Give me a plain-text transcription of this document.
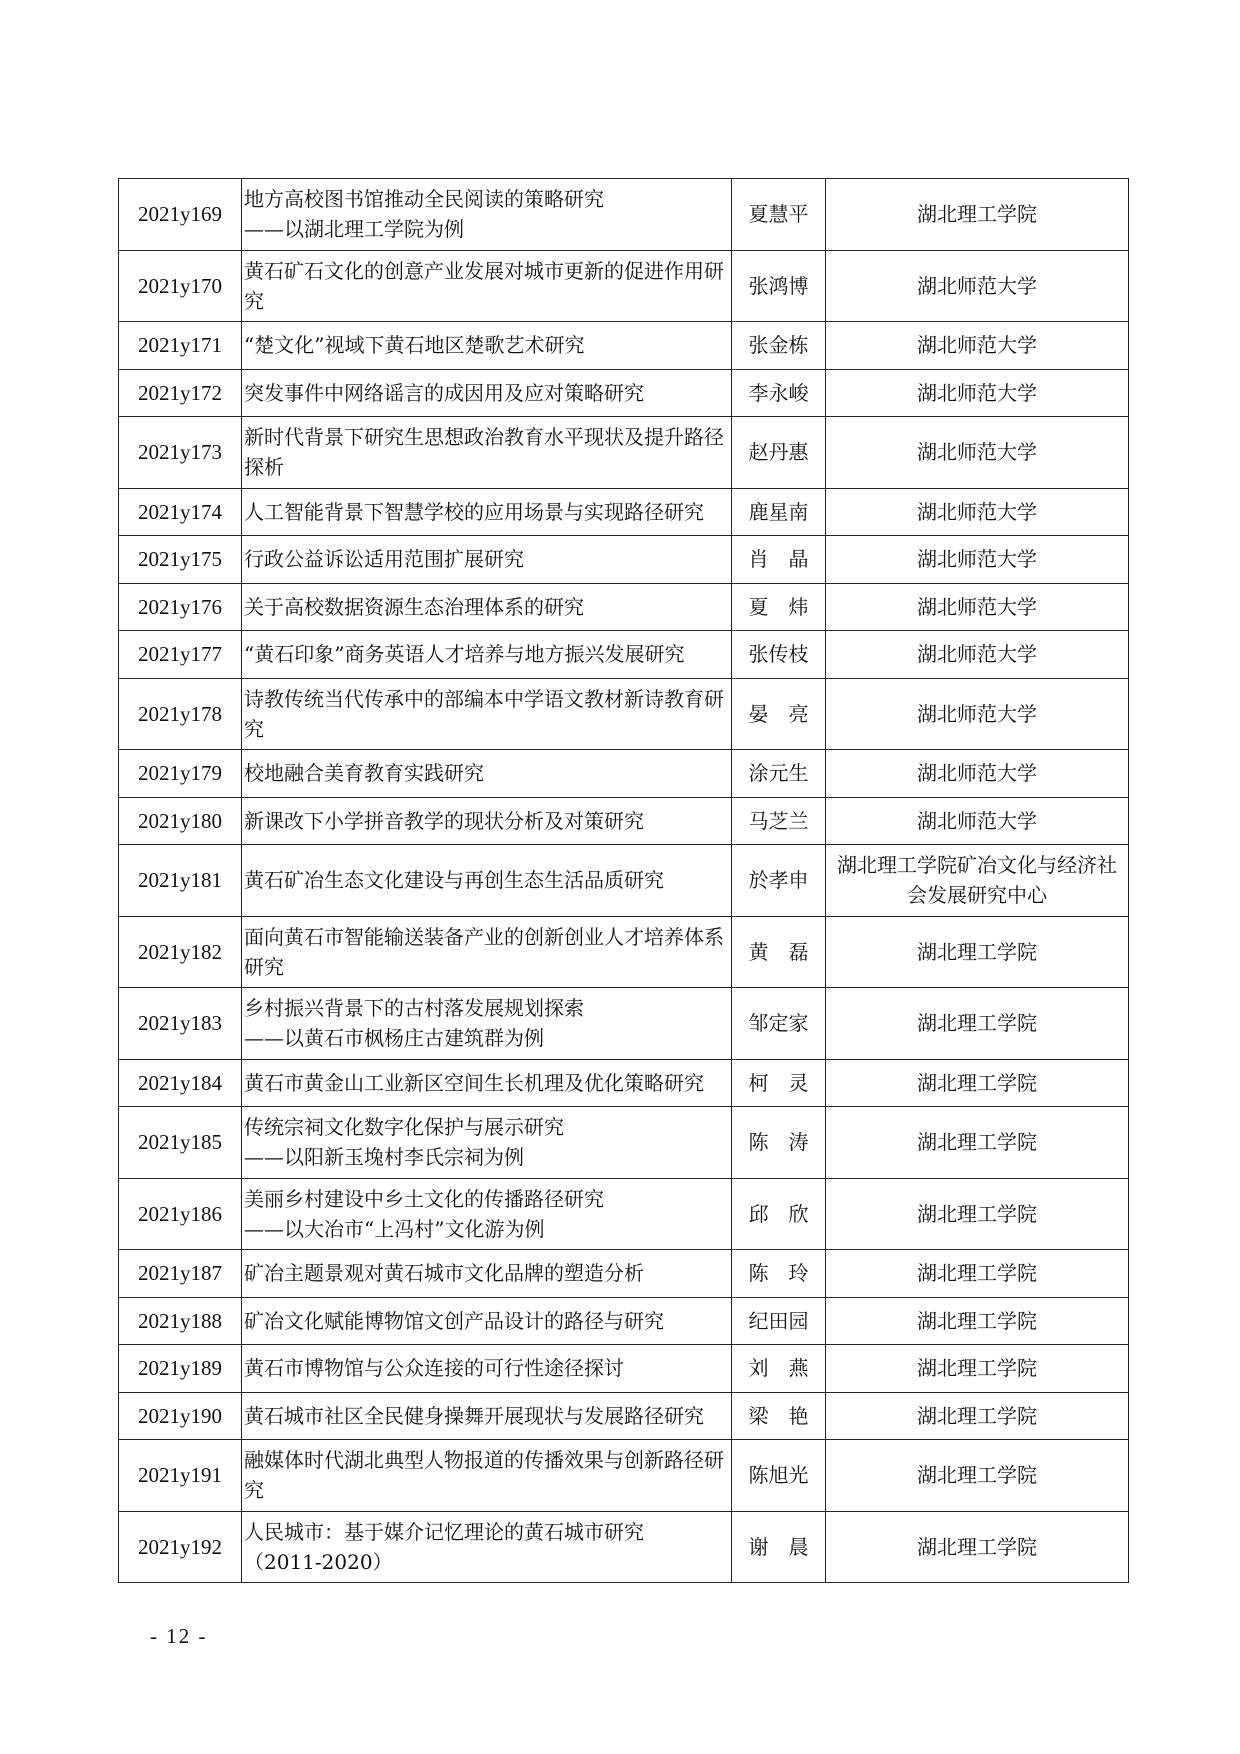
2021y169	地方高校图书馆推动全民阅读的策略研究
——以湖北理工学院为例	夏慧平	湖北理工学院
2021y170	黄石矿石文化的创意产业发展对城市更新的促进作用研究	张鸿博	湖北师范大学
2021y171	“楚文化”视域下黄石地区楚歌艺术研究	张金栋	湖北师范大学
2021y172	突发事件中网络谣言的成因用及应对策略研究	李永峻	湖北师范大学
2021y173	新时代背景下研究生思想政治教育水平现状及提升路径探析	赵丹惠	湖北师范大学
2021y174	人工智能背景下智慧学校的应用场景与实现路径研究	鹿星南	湖北师范大学
2021y175	行政公益诉讼适用范围扩展研究	肖　晶	湖北师范大学
2021y176	关于高校数据资源生态治理体系的研究	夏　炜	湖北师范大学
2021y177	“黄石印象”商务英语人才培养与地方振兴发展研究	张传枝	湖北师范大学
2021y178	诗教传统当代传承中的部编本中学语文教材新诗教育研究	晏　亮	湖北师范大学
2021y179	校地融合美育教育实践研究	涂元生	湖北师范大学
2021y180	新课改下小学拼音教学的现状分析及对策研究	马芝兰	湖北师范大学
2021y181	黄石矿冶生态文化建设与再创生态生活品质研究	於孝申	湖北理工学院矿冶文化与经济社会发展研究中心
2021y182	面向黄石市智能输送装备产业的创新创业人才培养体系研究	黄　磊	湖北理工学院
2021y183	乡村振兴背景下的古村落发展规划探索
——以黄石市枫杨庄古建筑群为例	邹定家	湖北理工学院
2021y184	黄石市黄金山工业新区空间生长机理及优化策略研究	柯　灵	湖北理工学院
2021y185	传统宗祠文化数字化保护与展示研究
——以阳新玉堍村李氏宗祠为例	陈　涛	湖北理工学院
2021y186	美丽乡村建设中乡土文化的传播路径研究
——以大冶市“上冯村”文化游为例	邱　欣	湖北理工学院
2021y187	矿冶主题景观对黄石城市文化品牌的塑造分析	陈　玲	湖北理工学院
2021y188	矿冶文化赋能博物馆文创产品设计的路径与研究	纪田园	湖北理工学院
2021y189	黄石市博物馆与公众连接的可行性途径探讨	刘　燕	湖北理工学院
2021y190	黄石城市社区全民健身操舞开展现状与发展路径研究	梁　艳	湖北理工学院
2021y191	融媒体时代湖北典型人物报道的传播效果与创新路径研究	陈旭光	湖北理工学院
2021y192	人民城市：基于媒介记忆理论的黄石城市研究
（2011-2020）	谢　晨	湖北理工学院
- 12 -
